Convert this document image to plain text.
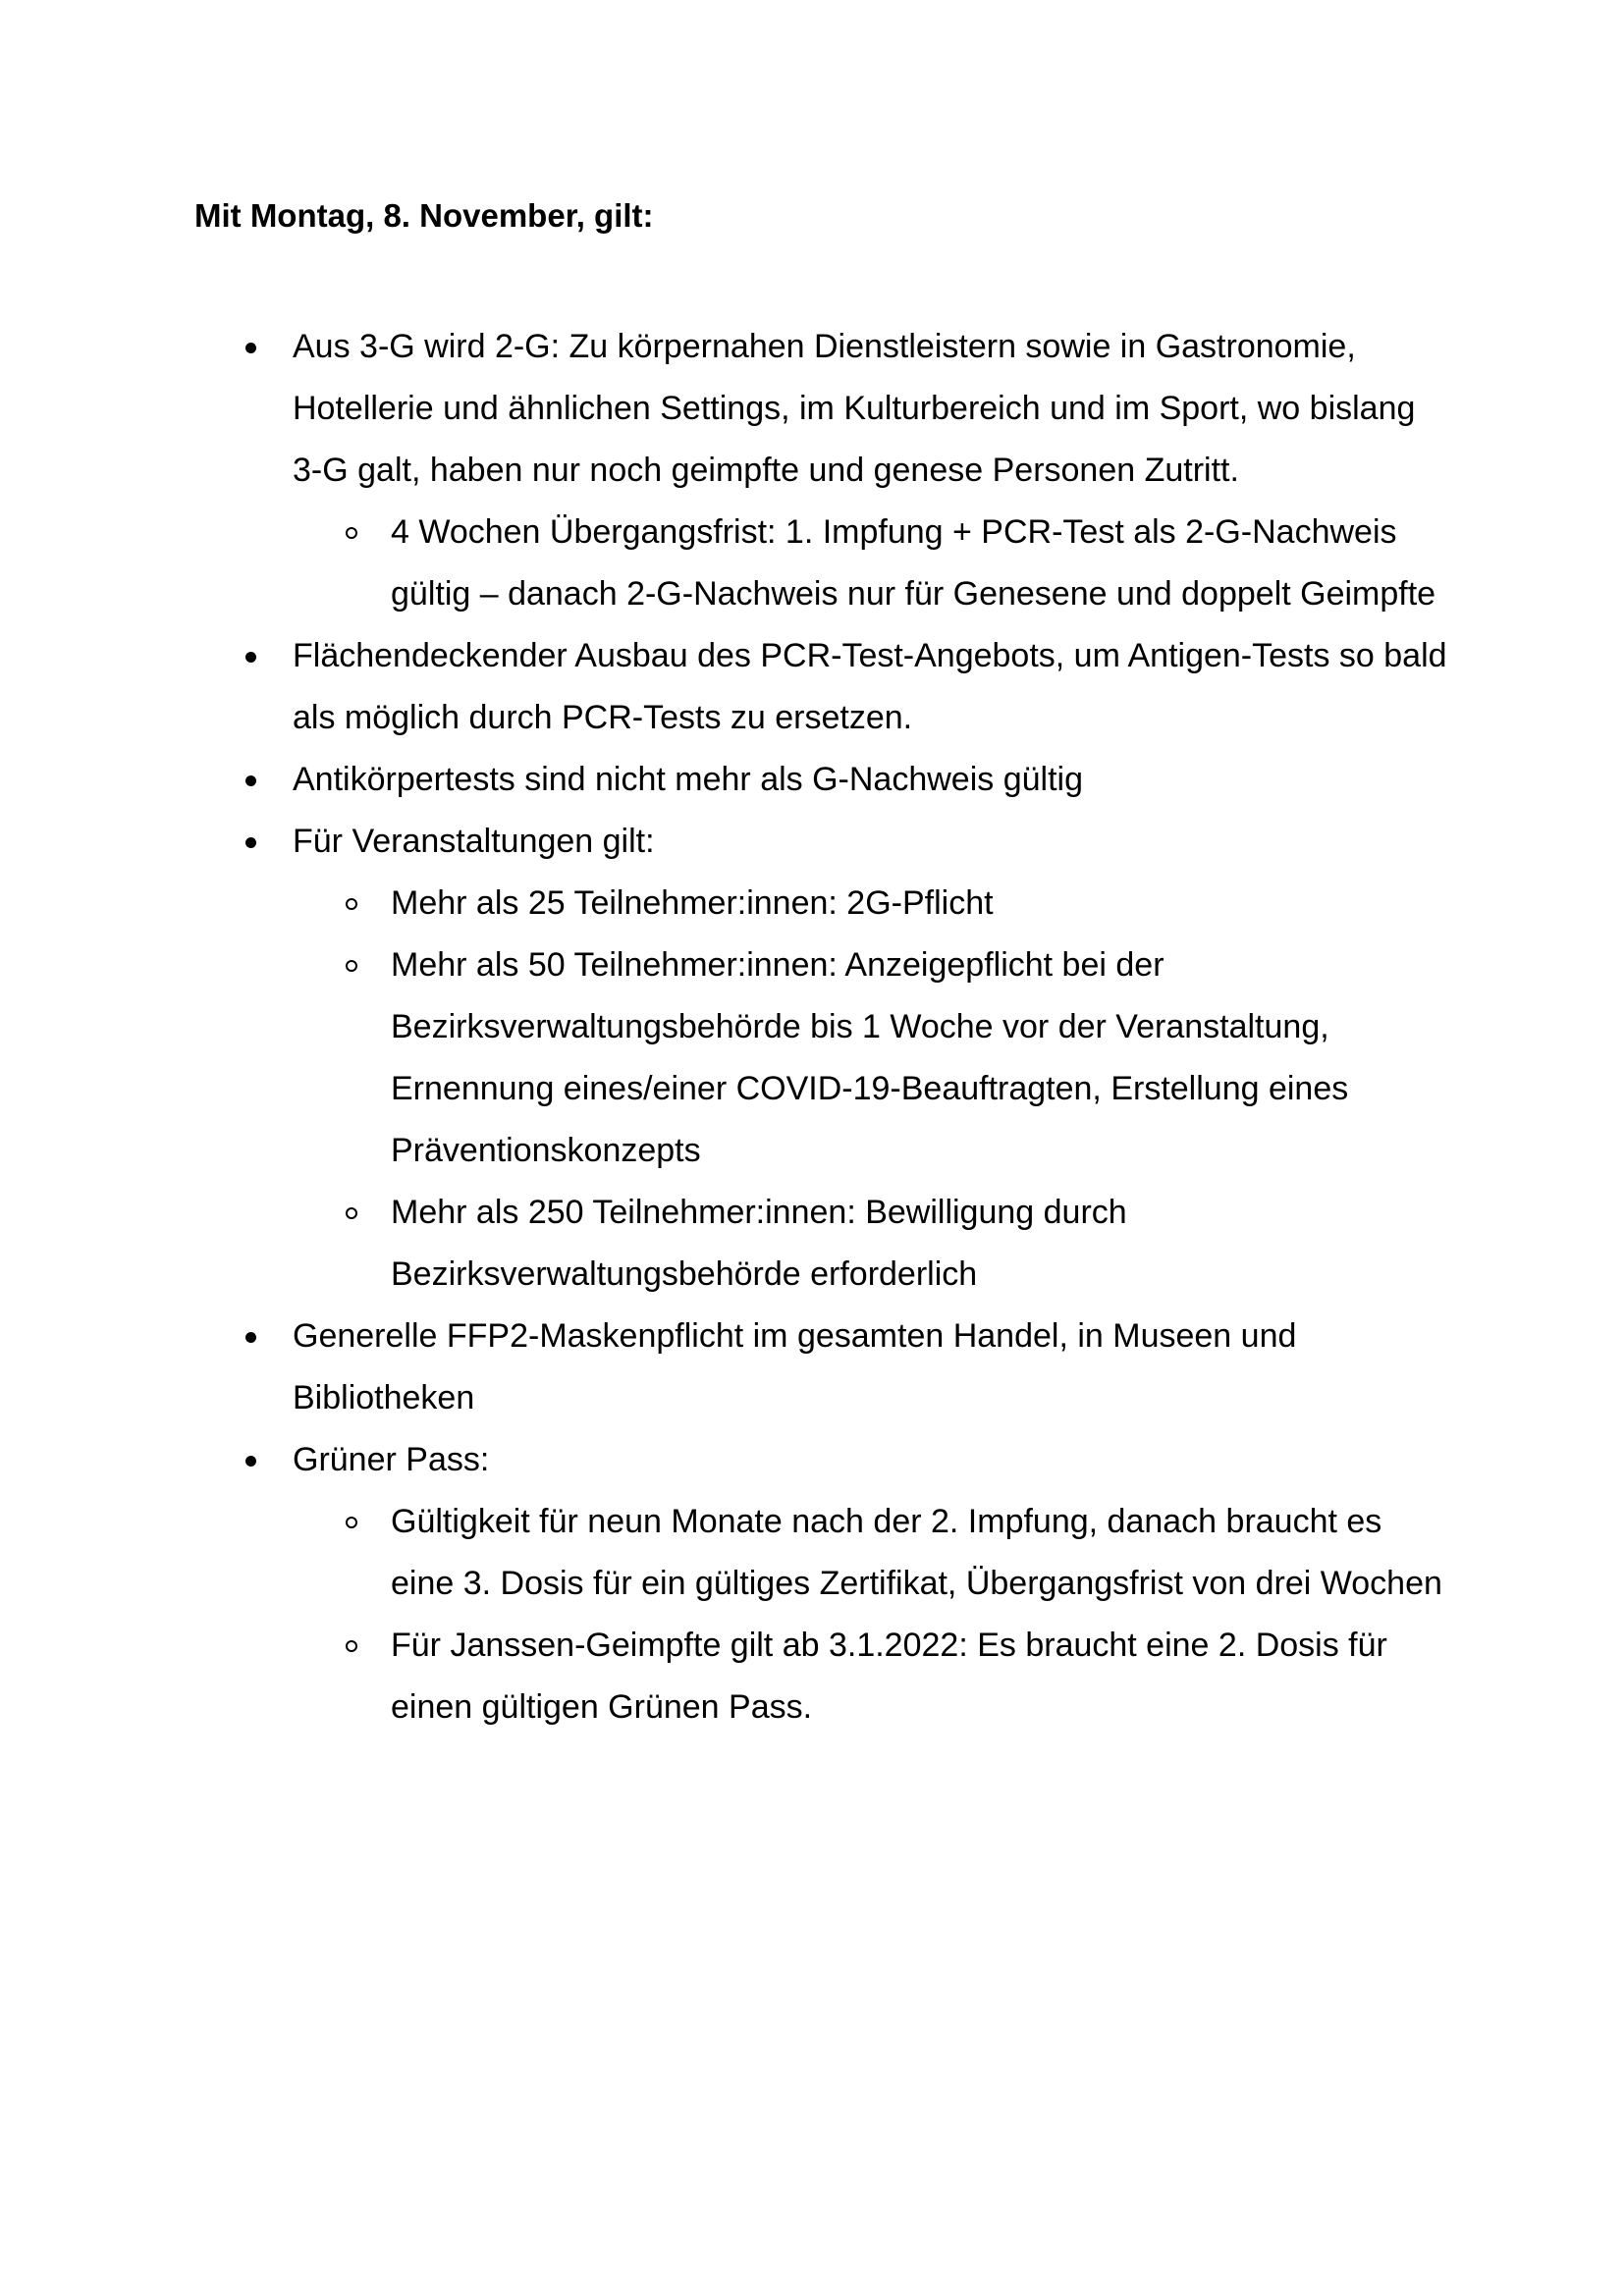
Mit Montag, 8. November, gilt:
Aus 3-G wird 2-G: Zu körpernahen Dienstleistern sowie in Gastronomie, Hotellerie und ähnlichen Settings, im Kulturbereich und im Sport, wo bislang 3-G galt, haben nur noch geimpfte und genese Personen Zutritt.
4 Wochen Übergangsfrist: 1. Impfung + PCR-Test als 2-G-Nachweis gültig – danach 2-G-Nachweis nur für Genesene und doppelt Geimpfte
Flächendeckender Ausbau des PCR-Test-Angebots, um Antigen-Tests so bald als möglich durch PCR-Tests zu ersetzen.
Antikörpertests sind nicht mehr als G-Nachweis gültig
Für Veranstaltungen gilt:
Mehr als 25 Teilnehmer:innen: 2G-Pflicht
Mehr als 50 Teilnehmer:innen: Anzeigepflicht bei der Bezirksverwaltungsbehörde bis 1 Woche vor der Veranstaltung, Ernennung eines/einer COVID-19-Beauftragten, Erstellung eines Präventionskonzepts
Mehr als 250 Teilnehmer:innen: Bewilligung durch Bezirksverwaltungsbehörde erforderlich
Generelle FFP2-Maskenpflicht im gesamten Handel, in Museen und Bibliotheken
Grüner Pass:
Gültigkeit für neun Monate nach der 2. Impfung, danach braucht es eine 3. Dosis für ein gültiges Zertifikat, Übergangsfrist von drei Wochen
Für Janssen-Geimpfte gilt ab 3.1.2022: Es braucht eine 2. Dosis für einen gültigen Grünen Pass.
